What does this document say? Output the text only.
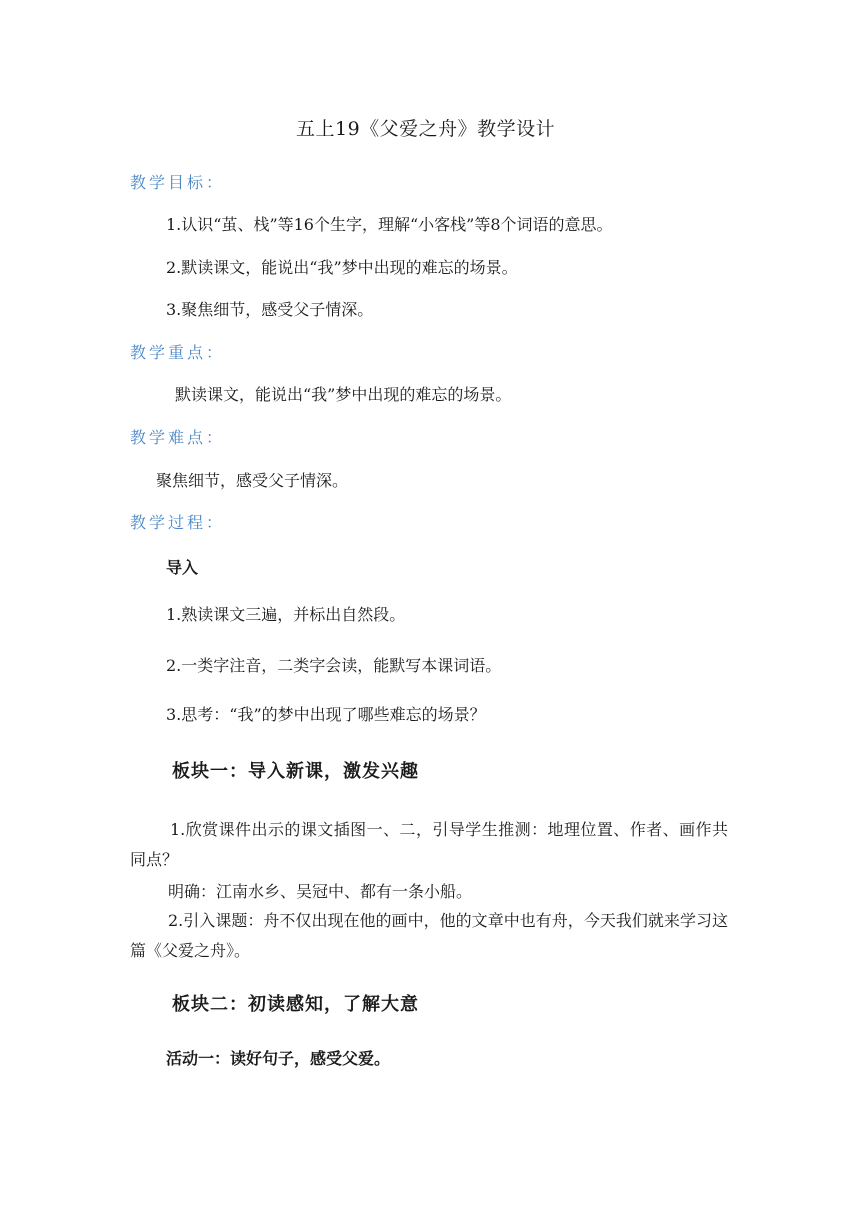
五上19《父爱之舟》教学设计
教学目标：
1.认识“茧、栈”等16个生字，理解“小客栈”等8个词语的意思。
2.默读课文，能说出“我”梦中出现的难忘的场景。
3.聚焦细节，感受父子情深。
教学重点：
默读课文，能说出“我”梦中出现的难忘的场景。
教学难点：
聚焦细节，感受父子情深。
教学过程：
导入
1.熟读课文三遍，并标出自然段。
2.一类字注音，二类字会读，能默写本课词语。
3.思考：“我”的梦中出现了哪些难忘的场景？
板块一：导入新课，激发兴趣
1.欣赏课件出示的课文插图一、二，引导学生推测：地理位置、作者、画作共同点？
明确：江南水乡、吴冠中、都有一条小船。
2.引入课题：舟不仅出现在他的画中，他的文章中也有舟，今天我们就来学习这篇《父爱之舟》。
板块二：初读感知，了解大意
活动一：读好句子，感受父爱。
